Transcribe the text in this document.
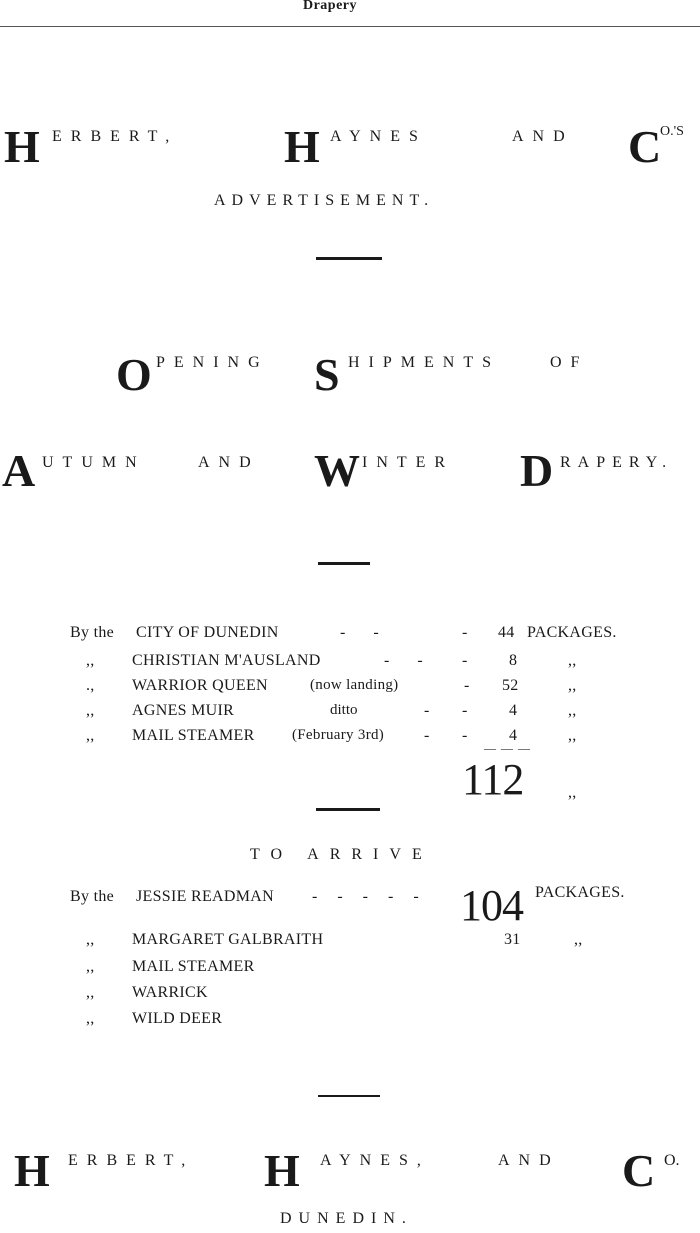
Drapery
H ERBERT, H AYNES	AND C
O.'S
ADVERTISEMENT.
O PENING S HIPMENTS	OF
A UTUMN	AND W INTER D RAPERY.
By the CITY OF DUNEDIN	- -	- 44 PACKAGES.
,, CHRISTIAN M'AUSLAND	- - -	8	,,
., WARRIOR QUEEN	(now landing)	- 52	,,
,, AGNES MUIR	ditto	- -	4	,,
,, MAIL STEAMER (February 3rd) - -	4	,,
— — —
112	,,
TO ARRIVE
By the JESSIE READMAN - - - - - 104 PACKAGES.
,, MARGARET GALBRAITH	31	,,
,, MAIL STEAMER
,, WARRICK
,, WILD DEER
H ERBERT, H AYNES,	AND C O.
DUNEDIN.
